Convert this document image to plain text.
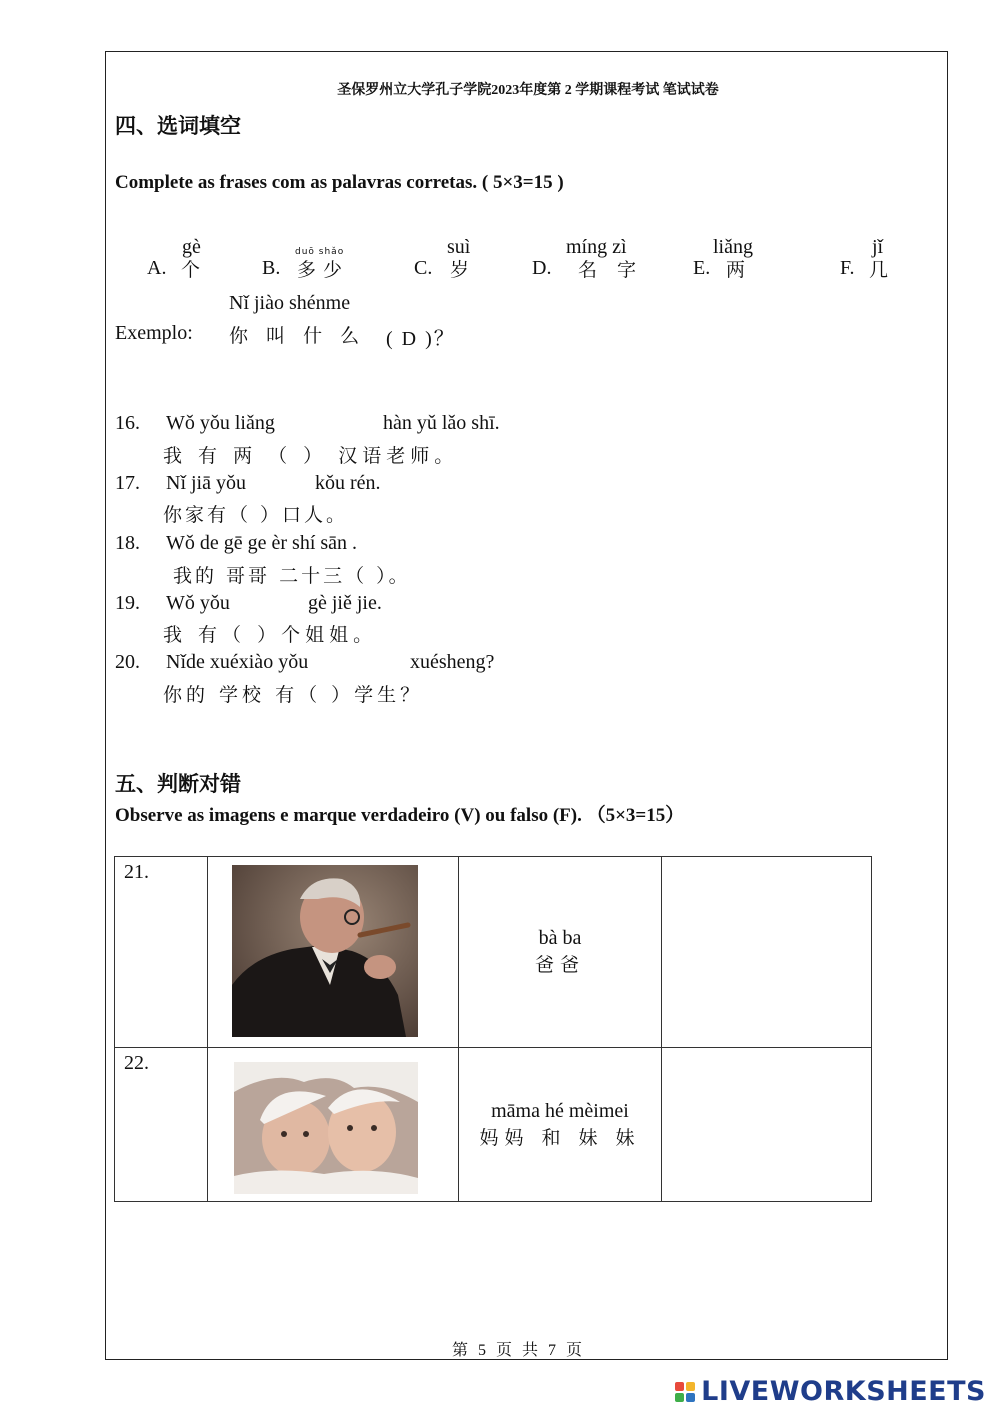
圣保罗州立大学孔子学院2023年度第 2 学期课程考试 笔试试卷
四、选词填空
Complete as frases com as palavras corretas. ( 5×3=15 )
gè
A. 个
duō shǎo
B. 多少
suì
C. 岁
míng zì
D. 名 字
liǎng
E. 两
jǐ
F. 几
Nǐ jiào shénme
Exemplo: 你 叫 什 么 ( D )？
16. Wǒ yǒu liǎng	hàn yǔ lǎo shī.
我 有 两 （ ） 汉语老师。
17. Nǐ jiā yǒu	kǒu rén.
你家有（ ）口人。
18. Wǒ de gē ge èr shí sān .
我的 哥哥 二十三（ ）。
19. Wǒ yǒu	gè jiě jie.
我 有（ ）个姐姐。
20. Nǐde xuéxiào yǒu	xuésheng?
你的 学校 有（ ）学生？
五、判断对错
Observe as imagens e marque verdadeiro (V) ou falso (F). （5×3=15）
21.		bà ba
爸爸	

22.		māma hé mèimei
妈妈 和 妹 妹	

第 5 页 共 7 页
LIVEWORKSHEETS
